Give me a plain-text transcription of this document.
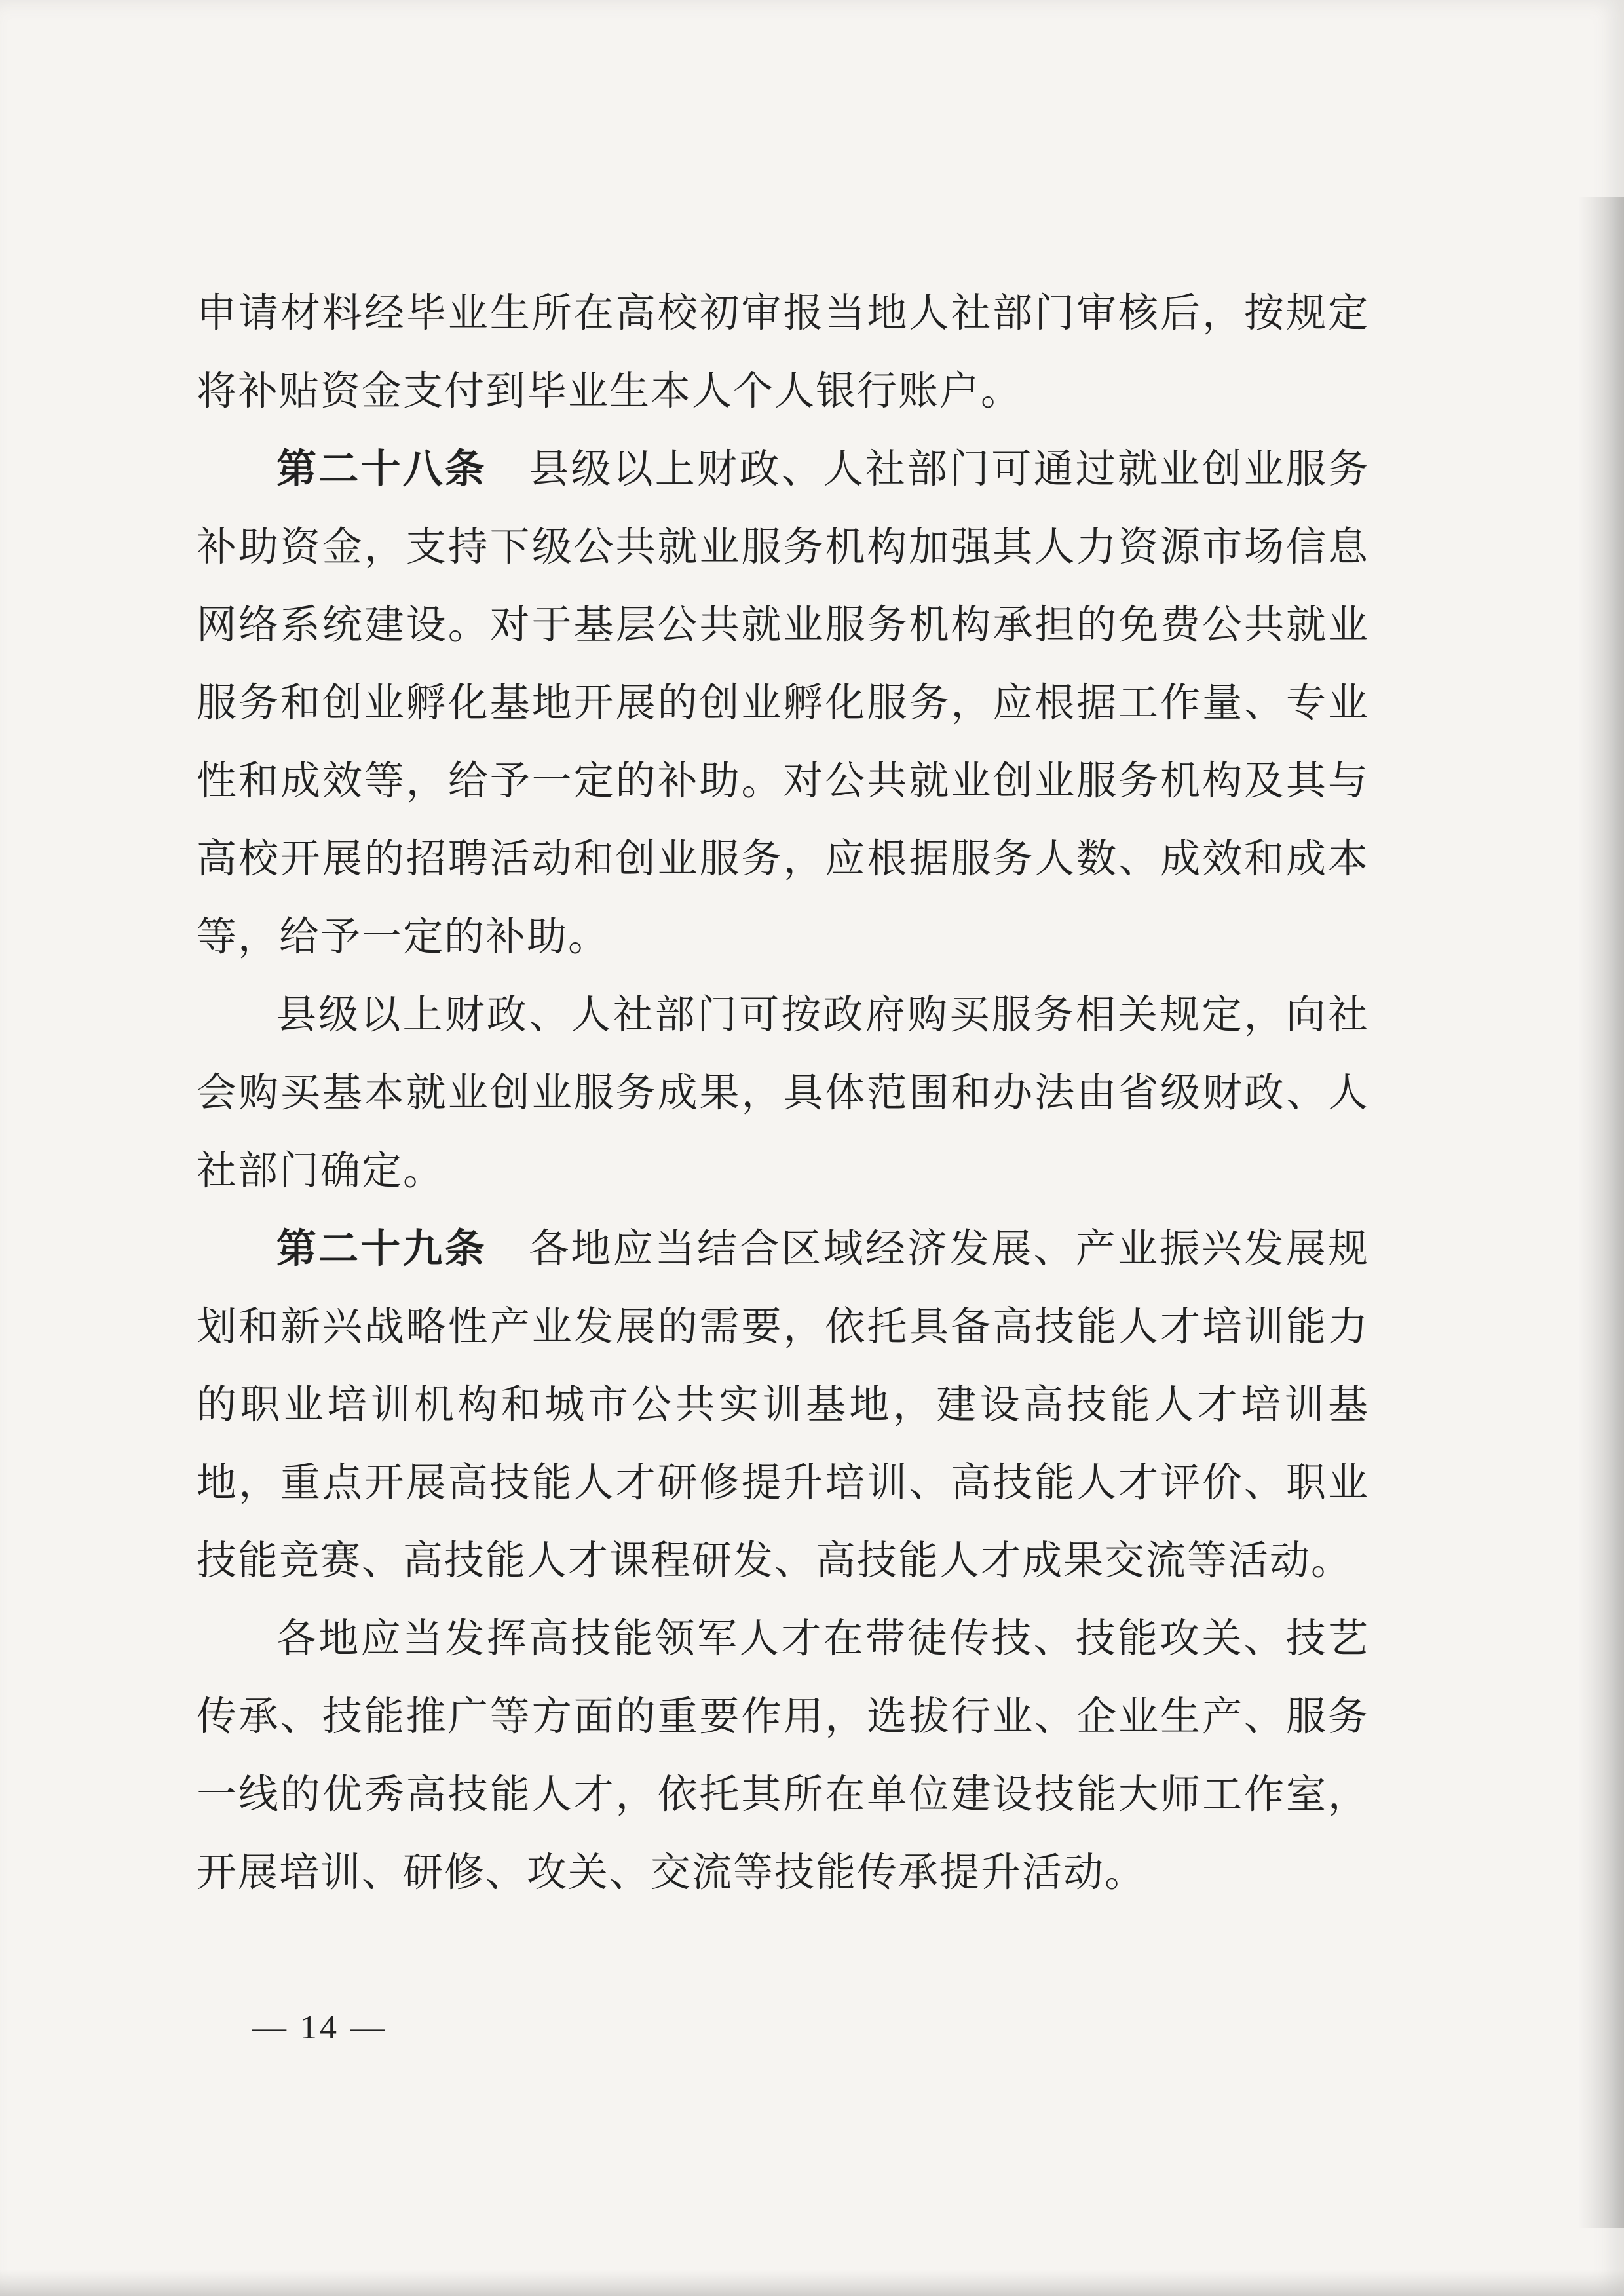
申请材料经毕业生所在高校初审报当地人社部门审核后，按规定将补贴资金支付到毕业生本人个人银行账户。

第二十八条  县级以上财政、人社部门可通过就业创业服务补助资金，支持下级公共就业服务机构加强其人力资源市场信息网络系统建设。对于基层公共就业服务机构承担的免费公共就业服务和创业孵化基地开展的创业孵化服务，应根据工作量、专业性和成效等，给予一定的补助。对公共就业创业服务机构及其与高校开展的招聘活动和创业服务，应根据服务人数、成效和成本等，给予一定的补助。

县级以上财政、人社部门可按政府购买服务相关规定，向社会购买基本就业创业服务成果，具体范围和办法由省级财政、人社部门确定。

第二十九条  各地应当结合区域经济发展、产业振兴发展规划和新兴战略性产业发展的需要，依托具备高技能人才培训能力的职业培训机构和城市公共实训基地，建设高技能人才培训基地，重点开展高技能人才研修提升培训、高技能人才评价、职业技能竞赛、高技能人才课程研发、高技能人才成果交流等活动。

各地应当发挥高技能领军人才在带徒传技、技能攻关、技艺传承、技能推广等方面的重要作用，选拔行业、企业生产、服务一线的优秀高技能人才，依托其所在单位建设技能大师工作室，开展培训、研修、攻关、交流等技能传承提升活动。

— 14 —
